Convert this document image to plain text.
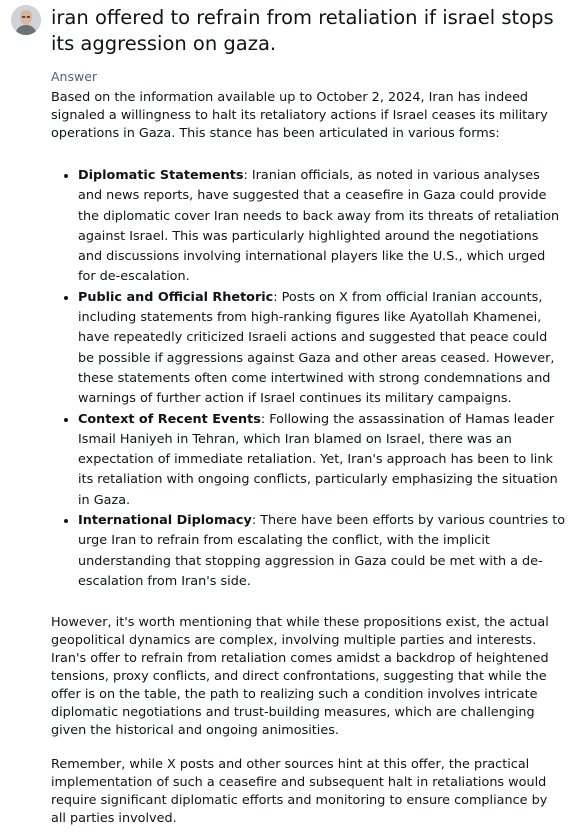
iran offered to refrain from retaliation if israel stops its aggression on gaza.
Answer

Based on the information available up to October 2, 2024, Iran has indeed signaled a willingness to halt its retaliatory actions if Israel ceases its military operations in Gaza. This stance has been articulated in various forms:

• Diplomatic Statements: Iranian officials, as noted in various analyses and news reports, have suggested that a ceasefire in Gaza could provide the diplomatic cover Iran needs to back away from its threats of retaliation against Israel. This was particularly highlighted around the negotiations and discussions involving international players like the U.S., which urged for de-escalation.
• Public and Official Rhetoric: Posts on X from official Iranian accounts, including statements from high-ranking figures like Ayatollah Khamenei, have repeatedly criticized Israeli actions and suggested that peace could be possible if aggressions against Gaza and other areas ceased. However, these statements often come intertwined with strong condemnations and warnings of further action if Israel continues its military campaigns.
• Context of Recent Events: Following the assassination of Hamas leader Ismail Haniyeh in Tehran, which Iran blamed on Israel, there was an expectation of immediate retaliation. Yet, Iran's approach has been to link its retaliation with ongoing conflicts, particularly emphasizing the situation in Gaza.
• International Diplomacy: There have been efforts by various countries to urge Iran to refrain from escalating the conflict, with the implicit understanding that stopping aggression in Gaza could be met with a de-escalation from Iran's side.

However, it's worth mentioning that while these propositions exist, the actual geopolitical dynamics are complex, involving multiple parties and interests. Iran's offer to refrain from retaliation comes amidst a backdrop of heightened tensions, proxy conflicts, and direct confrontations, suggesting that while the offer is on the table, the path to realizing such a condition involves intricate diplomatic negotiations and trust-building measures, which are challenging given the historical and ongoing animosities.

Remember, while X posts and other sources hint at this offer, the practical implementation of such a ceasefire and subsequent halt in retaliations would require significant diplomatic efforts and monitoring to ensure compliance by all parties involved.
